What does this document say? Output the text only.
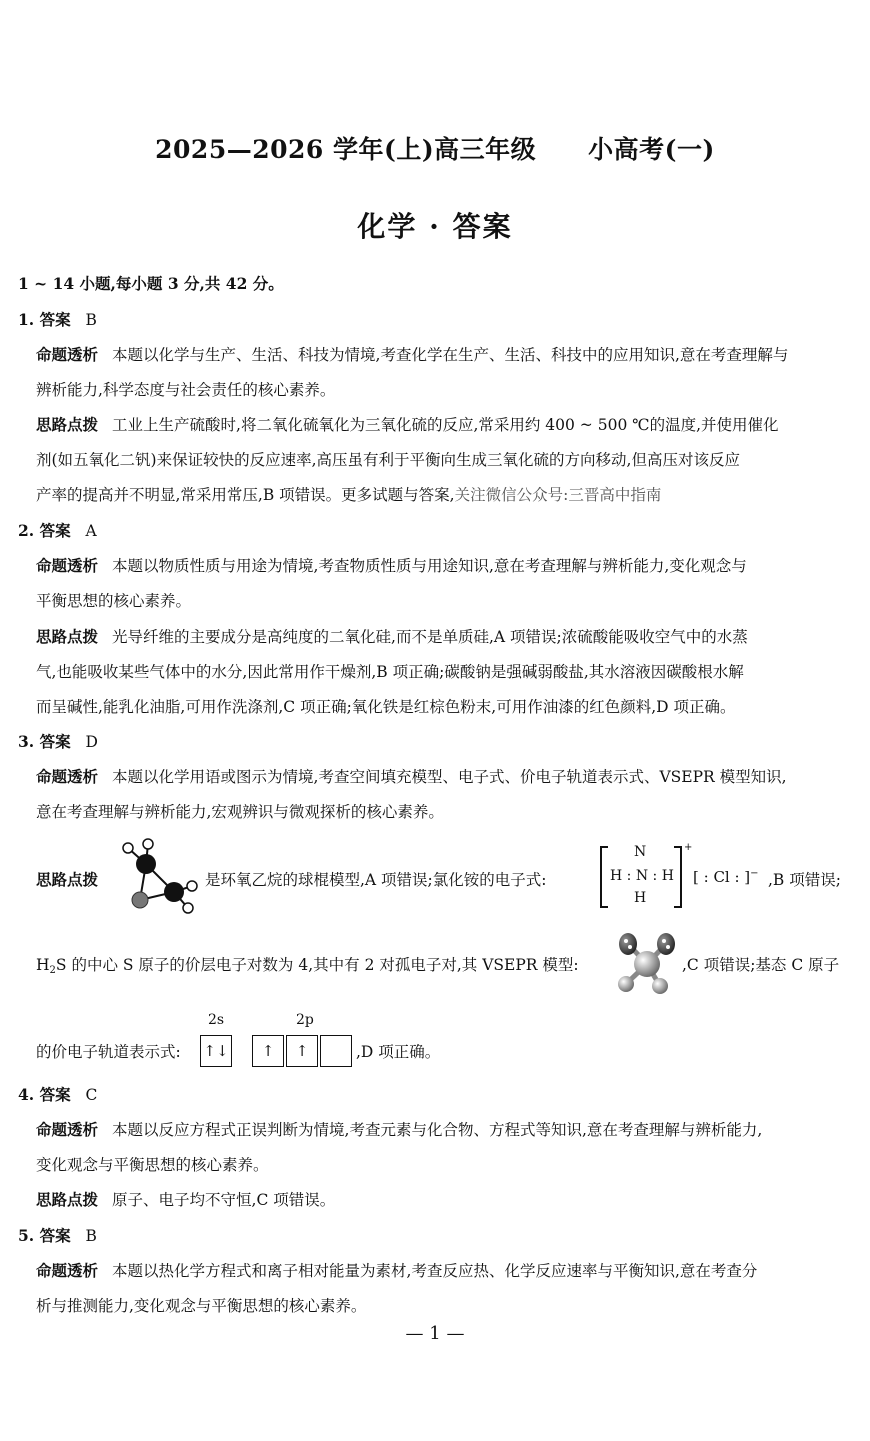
2025—2026 学年(上)高三年级 小高考(一)
化学 · 答案
1 ~ 14 小题,每小题 3 分,共 42 分。
1. 答案 B
命题透析 本题以化学与生产、生活、科技为情境,考查化学在生产、生活、科技中的应用知识,意在考查理解与
辨析能力,科学态度与社会责任的核心素养。
思路点拨 工业上生产硫酸时,将二氧化硫氧化为三氧化硫的反应,常采用约 400 ~ 500 ℃的温度,并使用催化
剂(如五氧化二钒)来保证较快的反应速率,高压虽有利于平衡向生成三氧化硫的方向移动,但高压对该反应
产率的提高并不明显,常采用常压,B 项错误。更多试题与答案,关注微信公众号:三晋高中指南
2. 答案 A
命题透析 本题以物质性质与用途为情境,考查物质性质与用途知识,意在考查理解与辨析能力,变化观念与
平衡思想的核心素养。
思路点拨 光导纤维的主要成分是高纯度的二氧化硅,而不是单质硅,A 项错误;浓硫酸能吸收空气中的水蒸
气,也能吸收某些气体中的水分,因此常用作干燥剂,B 项正确;碳酸钠是强碱弱酸盐,其水溶液因碳酸根水解
而呈碱性,能乳化油脂,可用作洗涤剂,C 项正确;氧化铁是红棕色粉末,可用作油漆的红色颜料,D 项正确。
3. 答案 D
命题透析 本题以化学用语或图示为情境,考查空间填充模型、电子式、价电子轨道表示式、VSEPR 模型知识,
意在考查理解与辨析能力,宏观辨识与微观探析的核心素养。
思路点拨	是环氧乙烷的球棍模型,A 项错误;氯化铵的电子式:
N
H : N : H
H
+
[ : Cl : ]− ,B 项错误;
H2S 的中心 S 原子的价层电子对数为 4,其中有 2 对孤电子对,其 VSEPR 模型:	,C 项错误;基态 C 原子
2s	2p
的价电子轨道表示式: ↑↓	↑	↑	,D 项正确。
4. 答案 C
命题透析 本题以反应方程式正误判断为情境,考查元素与化合物、方程式等知识,意在考查理解与辨析能力,
变化观念与平衡思想的核心素养。
思路点拨 原子、电子均不守恒,C 项错误。
5. 答案 B
命题透析 本题以热化学方程式和离子相对能量为素材,考查反应热、化学反应速率与平衡知识,意在考查分
析与推测能力,变化观念与平衡思想的核心素养。
— 1 —
